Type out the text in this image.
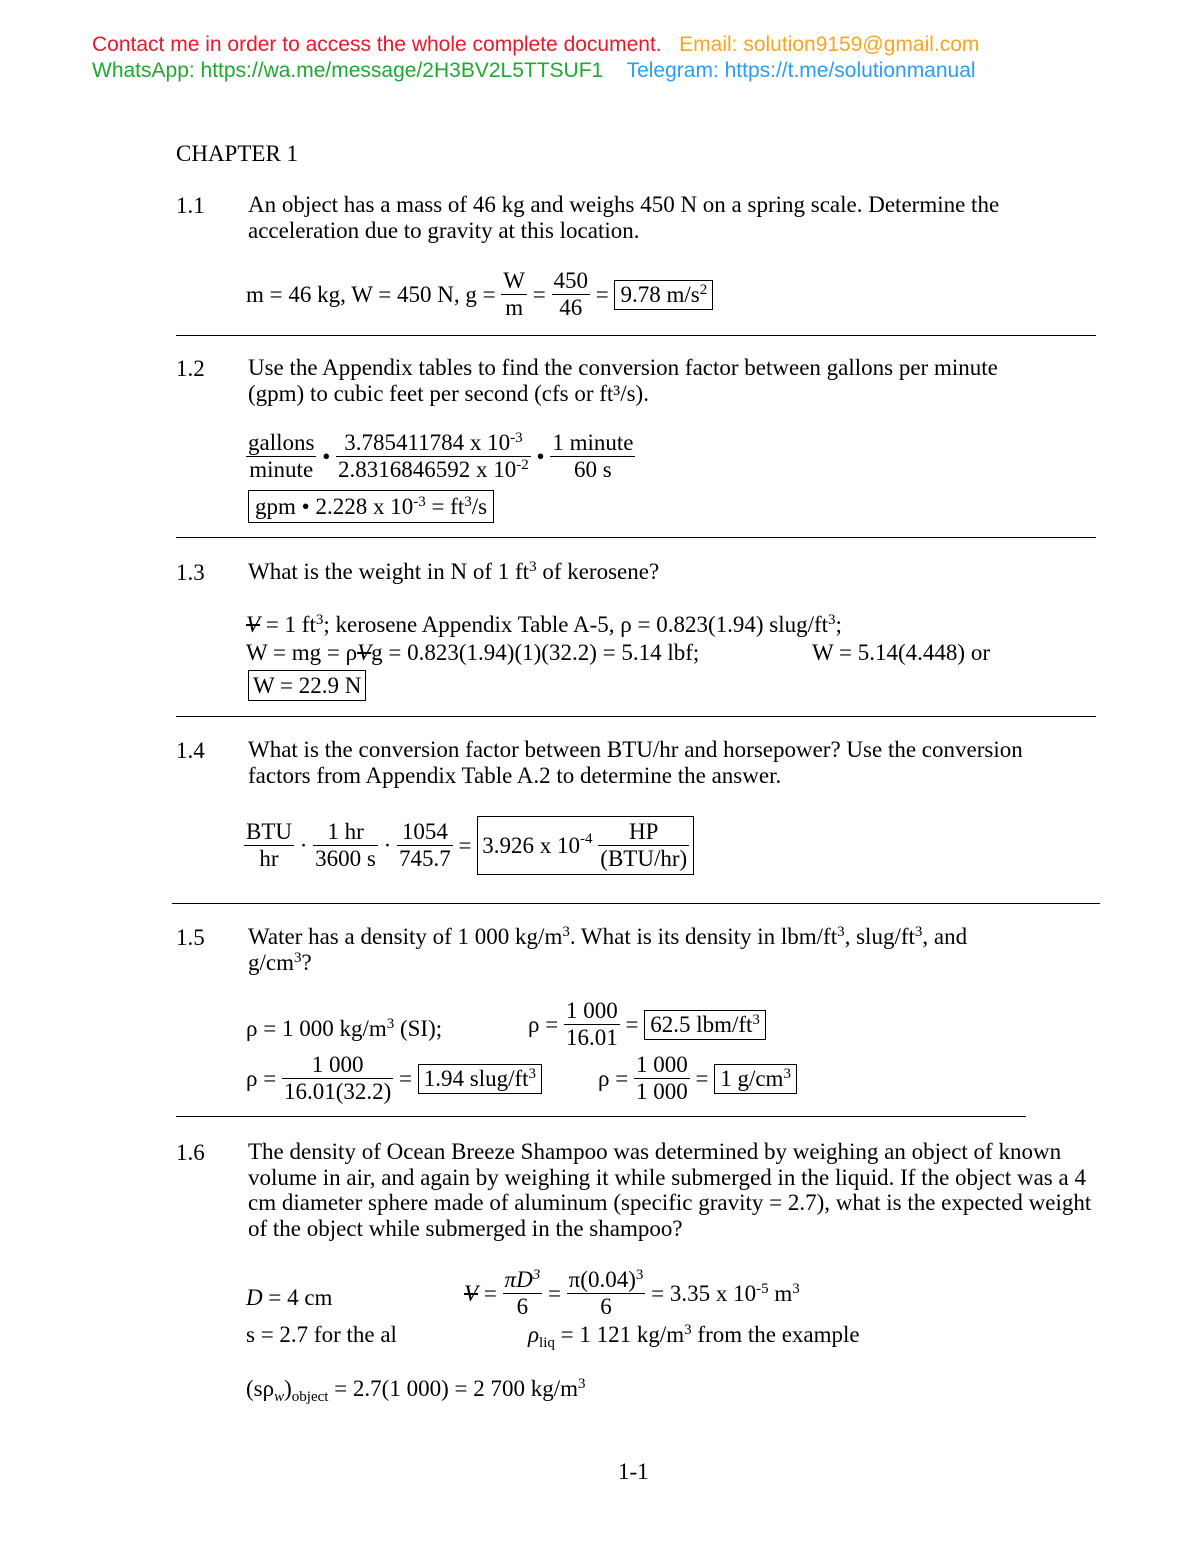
Contact me in order to access the whole complete document. Email: solution9159@gmail.com
WhatsApp: https://wa.me/message/2H3BV2L5TTSUF1 Telegram: https://t.me/solutionmanual
CHAPTER 1
1.1 An object has a mass of 46 kg and weighs 450 N on a spring scale. Determine the acceleration due to gravity at this location.
m = 46 kg, W = 450 N, $g = \frac{W}{m} = \frac{450}{46} = 9.78$ $m/s^2$
1.2 Use the Appendix tables to find the conversion factor between gallons per minute (gpm) to cubic feet per second (cfs or ft³/s).
$\frac{\text{gallons}}{\text{minute}}$ • $\frac{3.785411784 x 10^{-3}}{2.8316846592 x 10^{-2}}$ • $\frac{\text{1 minute}}{60 s}$
gpm • 2.228 x $10^{-3} = ft^3/s$
1.3 What is the weight in N of 1 $ft^3$ of kerosene?
V = 1 $ft^3$; kerosene Appendix Table A-5, ρ = 0.823(1.94) slug/$ft^3$;
W = mg = ρVg = 0.823(1.94)(1)(32.2) = 5.14 lbf;	W = 5.14(4.448) or
W = 22.9 N
1.4 What is the conversion factor between BTU/hr and horsepower? Use the conversion factors from Appendix Table A.2 to determine the answer.
$\frac{\text{BTU}}{hr} \cdot \frac{1 hr}{3600 s} \cdot \frac{1054}{745.7} = 3.926$ x $10^{-4} \frac{HP}{\text{(BTU/hr)}}$
1.5 Water has a density of 1 000 $kg/m^3$. What is its density in lbm/$ft^3$, slug/$ft^3$, and
$g/cm^3$?
ρ = 1 000 $kg/m^3$ (SI);	$\rho = \frac{1 000}{16.01} = 62.5$ lbm/$ft^3$
$\rho = \frac{1 000}{16.01(32.2)} = 1.94$ slug/$ft^3$	$\rho = \frac{1 000}{1 000} = 1$ $g/cm^3$
1.6 The density of Ocean Breeze Shampoo was determined by weighing an object of known volume in air, and again by weighing it while submerged in the liquid. If the object was a 4 cm diameter sphere made of aluminum (specific gravity = 2.7), what is the expected weight of the object while submerged in the shampoo?
D = 4 cm	$V = \frac{\pi D^3}{6} = \frac{\pi(0.04)^3}{6} = 3.35$ x $10^{-5}$ $m^3$
s = 2.7 for the al	$\rho_{liq} = 1$ 121 $kg/m^3$ from the example
$(s\rho_w)_{object} = 2.7(1$ 000) = 2 700 $kg/m^3$
1-1
